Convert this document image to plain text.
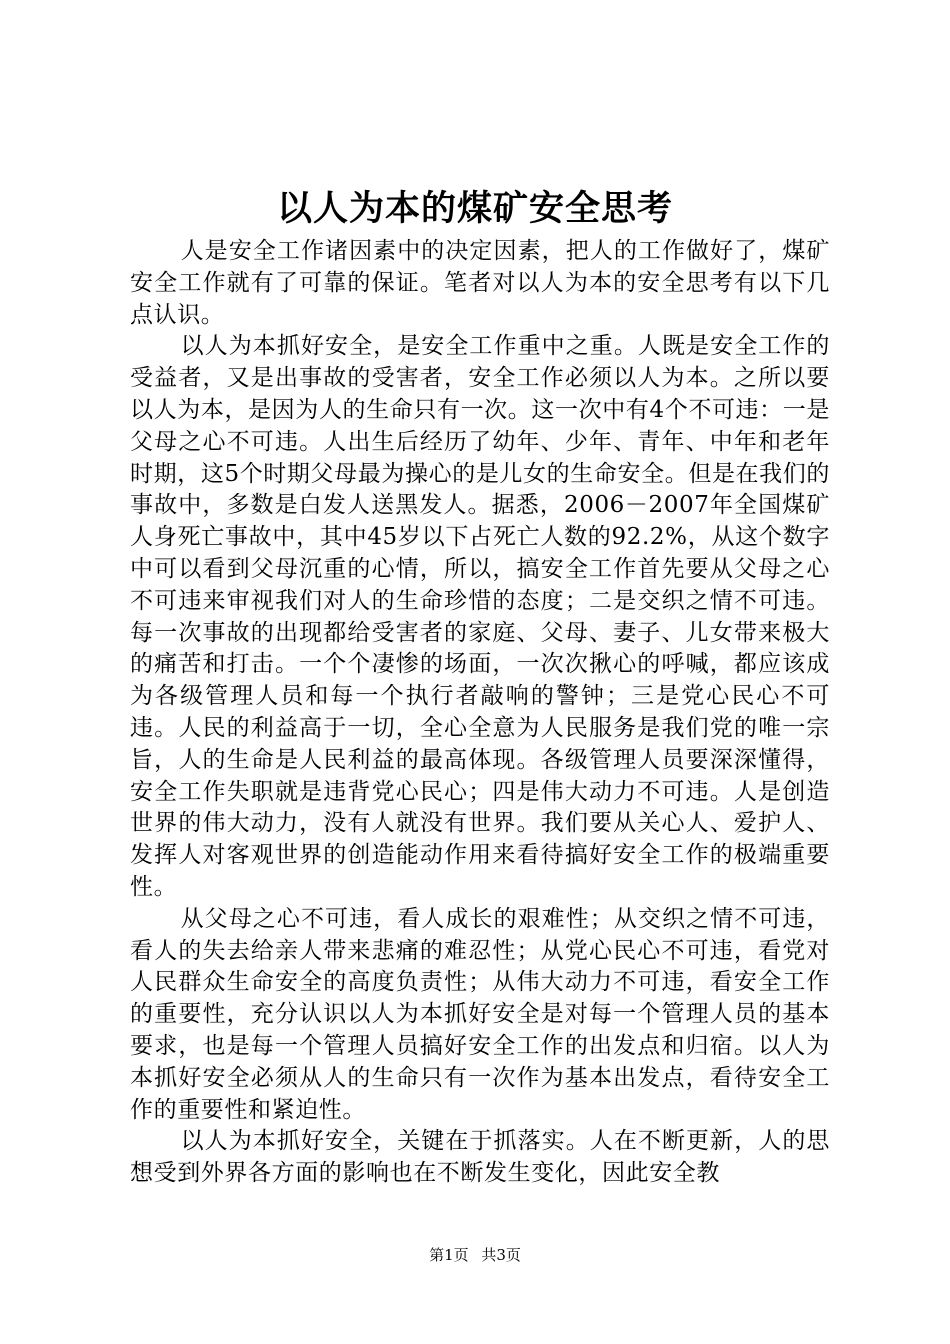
以人为本的煤矿安全思考

人是安全工作诸因素中的决定因素，把人的工作做好了，煤矿安全工作就有了可靠的保证。笔者对以人为本的安全思考有以下几点认识。

以人为本抓好安全，是安全工作重中之重。人既是安全工作的受益者，又是出事故的受害者，安全工作必须以人为本。之所以要以人为本，是因为人的生命只有一次。这一次中有4个不可违：一是父母之心不可违。人出生后经历了幼年、少年、青年、中年和老年时期，这5个时期父母最为操心的是儿女的生命安全。但是在我们的事故中，多数是白发人送黑发人。据悉，2006－2007年全国煤矿人身死亡事故中，其中45岁以下占死亡人数的92.2%，从这个数字中可以看到父母沉重的心情，所以，搞安全工作首先要从父母之心不可违来审视我们对人的生命珍惜的态度；二是交织之情不可违。每一次事故的出现都给受害者的家庭、父母、妻子、儿女带来极大的痛苦和打击。一个个凄惨的场面，一次次揪心的呼喊，都应该成为各级管理人员和每一个执行者敲响的警钟；三是党心民心不可违。人民的利益高于一切，全心全意为人民服务是我们党的唯一宗旨，人的生命是人民利益的最高体现。各级管理人员要深深懂得，安全工作失职就是违背党心民心；四是伟大动力不可违。人是创造世界的伟大动力，没有人就没有世界。我们要从关心人、爱护人、发挥人对客观世界的创造能动作用来看待搞好安全工作的极端重要性。

从父母之心不可违，看人成长的艰难性；从交织之情不可违，看人的失去给亲人带来悲痛的难忍性；从党心民心不可违，看党对人民群众生命安全的高度负责性；从伟大动力不可违，看安全工作的重要性，充分认识以人为本抓好安全是对每一个管理人员的基本要求，也是每一个管理人员搞好安全工作的出发点和归宿。以人为本抓好安全必须从人的生命只有一次作为基本出发点，看待安全工作的重要性和紧迫性。

以人为本抓好安全，关键在于抓落实。人在不断更新，人的思想受到外界各方面的影响也在不断发生变化，因此安全教

第1页 共3页
